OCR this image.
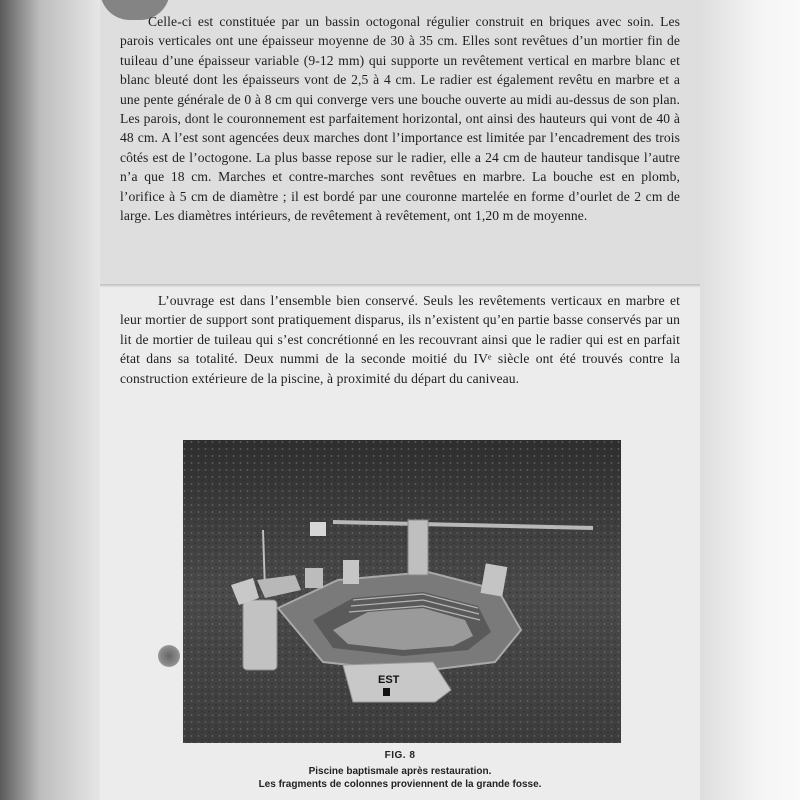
Celle-ci est constituée par un bassin octogonal régulier construit en briques avec soin. Les parois verticales ont une épaisseur moyenne de 30 à 35 cm. Elles sont revêtues d’un mortier fin de tuileau d’une épaisseur variable (9-12 mm) qui supporte un revêtement vertical en marbre blanc et blanc bleuté dont les épaisseurs vont de 2,5 à 4 cm. Le radier est également revêtu en marbre et a une pente générale de 0 à 8 cm qui converge vers une bouche ouverte au midi au-dessus de son plan. Les parois, dont le couronnement est parfaitement horizontal, ont ainsi des hauteurs qui vont de 40 à 48 cm. A l’est sont agencées deux marches dont l’importance est limitée par l’encadrement des trois côtés est de l’octogone. La plus basse repose sur le radier, elle a 24 cm de hauteur tandisque l’autre n’a que 18 cm. Marches et contre-marches sont revêtues en marbre. La bouche est en plomb, l’orifice à 5 cm de diamètre ; il est bordé par une couronne martelée en forme d’ourlet de 2 cm de large. Les diamètres intérieurs, de revêtement à revêtement, ont 1,20 m de moyenne.

L’ouvrage est dans l’ensemble bien conservé. Seuls les revêtements verticaux en marbre et leur mortier de support sont pratiquement disparus, ils n’existent qu’en partie basse conservés par un lit de mortier de tuileau qui s’est concrétionné en les recouvrant ainsi que le radier qui est en parfait état dans sa totalité. Deux nummi de la seconde moitié du IVᵉ siècle ont été trouvés contre la construction extérieure de la piscine, à proximité du départ du caniveau.

EST
FIG. 8
Piscine baptismale après restauration.
Les fragments de colonnes proviennent de la grande fosse.
